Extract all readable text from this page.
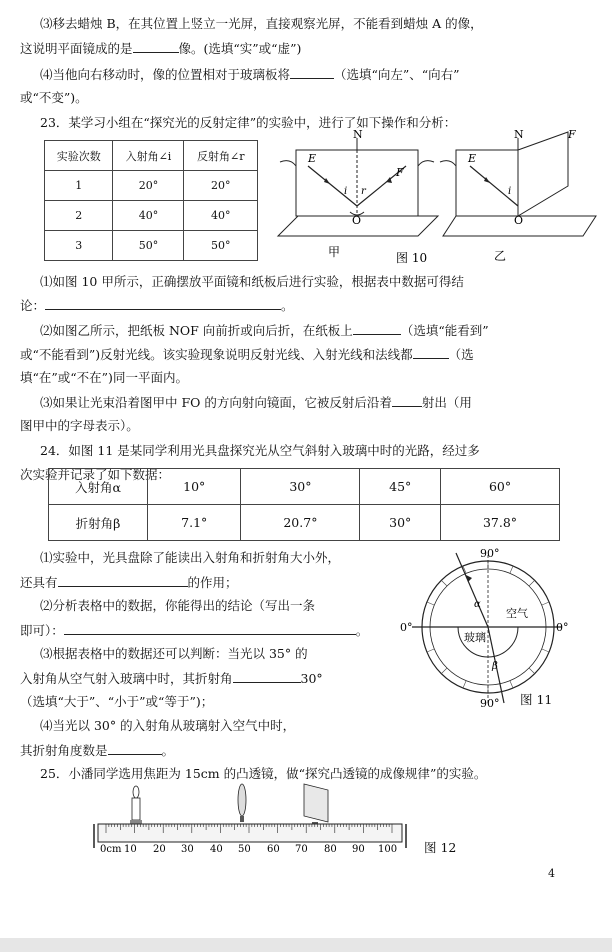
⑶移去蜡烛 B，在其位置上竖立一光屏，直接观察光屏，不能看到蜡烛 A 的像，
这说明平面镜成的是	像。(选填“实”或“虚”)
⑷当他向右移动时，像的位置相对于玻璃板将	（选填“向左”、“向右”
或“不变”)。
23．某学习小组在“探究光的反射定律”的实验中，进行了如下操作和分析：
实验次数	入射角∠i	反射角∠r
1	20°	20°
2	40°	40°
3	50°	50°
N
E
F
i r
O
甲	图 10
N	F
E
i
O
乙
⑴如图 10 甲所示，正确摆放平面镜和纸板后进行实验，根据表中数据可得结
论：	。
⑵如图乙所示，把纸板 NOF 向前折或向后折，在纸板上	（选填“能看到”
或“不能看到”)反射光线。该实验现象说明反射光线、入射光线和法线都	（选
填“在”或“不在”)同一平面内。
⑶如果让光束沿着图甲中 FO 的方向射向镜面，它被反射后沿着 射出（用
图甲中的字母表示）。
24．如图 11 是某同学利用光具盘探究光从空气斜射入玻璃中时的光路，经过多
次实验并记录了如下数据：
入射角α	10°	30°	45°	60°
折射角β	7.1°	20.7°	30°	37.8°
⑴实验中，光具盘除了能读出入射角和折射角大小外，
还具有	的作用；
⑵分析表格中的数据，你能得出的结论（写出一条
即可）：	。
⑶根据表格中的数据还可以判断：当光以 35° 的
入射角从空气射入玻璃中时，其折射角	30°
（选填“大于”、“小于”或“等于”)；
⑷当光以 30° 的入射角从玻璃射入空气中时，
其折射角度数是	。
90°
90°
0°	0°
α
β
空气
玻璃
图 11
25．小潘同学选用焦距为 15cm 的凸透镜，做“探究凸透镜的成像规律”的实验。
0cm 10 20 30 40 50 60 70 80 90 100 图 12
4
